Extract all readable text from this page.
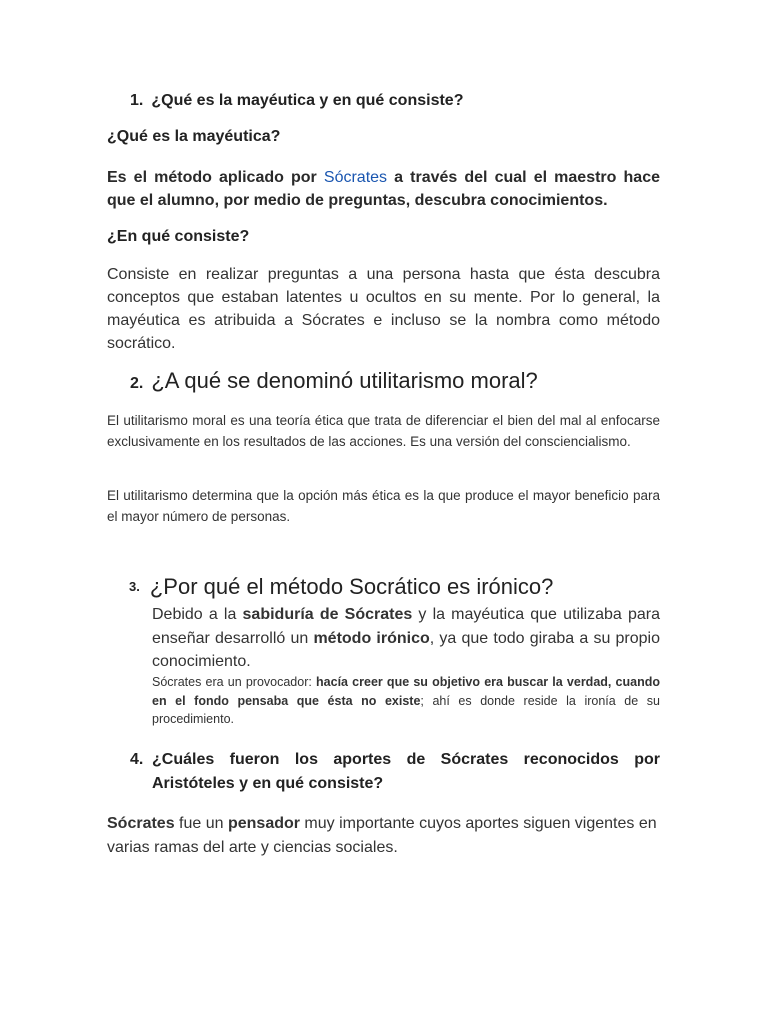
1. ¿Qué es la mayéutica y en qué consiste?
¿Qué es la mayéutica?

Es el método aplicado por Sócrates a través del cual el maestro hace que el alumno, por medio de preguntas, descubra conocimientos.

¿En qué consiste?

Consiste en realizar preguntas a una persona hasta que ésta descubra conceptos que estaban latentes u ocultos en su mente. Por lo general, la mayéutica es atribuida a Sócrates e incluso se la nombra como método socrático.

2. ¿A qué se denominó utilitarismo moral?

El utilitarismo moral es una teoría ética que trata de diferenciar el bien del mal al enfocarse exclusivamente en los resultados de las acciones. Es una versión del consciencialismo.

El utilitarismo determina que la opción más ética es la que produce el mayor beneficio para el mayor número de personas.

3. ¿Por qué el método Socrático es irónico?

Debido a la sabiduría de Sócrates y la mayéutica que utilizaba para enseñar desarrolló un método irónico, ya que todo giraba a su propio conocimiento.

Sócrates era un provocador: hacía creer que su objetivo era buscar la verdad, cuando en el fondo pensaba que ésta no existe; ahí es donde reside la ironía de su procedimiento.

4. ¿Cuáles fueron los aportes de Sócrates reconocidos por
Aristóteles y en qué consiste?

Sócrates fue un pensador muy importante cuyos aportes siguen vigentes en varias ramas del arte y ciencias sociales.
